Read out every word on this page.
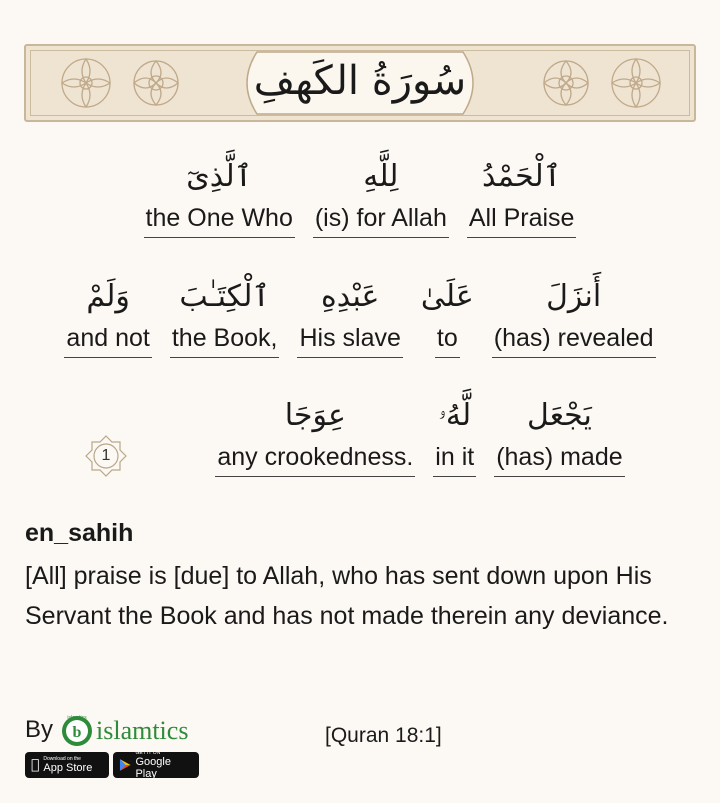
سُورَةُ الكَهفِ
ٱلْحَمْدُ
All Praise
لِلَّهِ
(is) for Allah
ٱلَّذِىٓ
the One Who
أَنزَلَ
(has) revealed
عَلَىٰ
to
عَبْدِهِ
His slave
ٱلْكِتَـٰبَ
the Book,
وَلَمْ
and not
يَجْعَل
(has) made
لَّهُۥ
in it
عِوَجَا
any crookedness.
1
en_sahih
[All] praise is [due] to Allah, who has sent down upon His Servant the Book and has not made therein any deviance.
By b
islamtics islamtics	[Quran 18:1]
Download on the
App Store
GET IT ON
Google Play
